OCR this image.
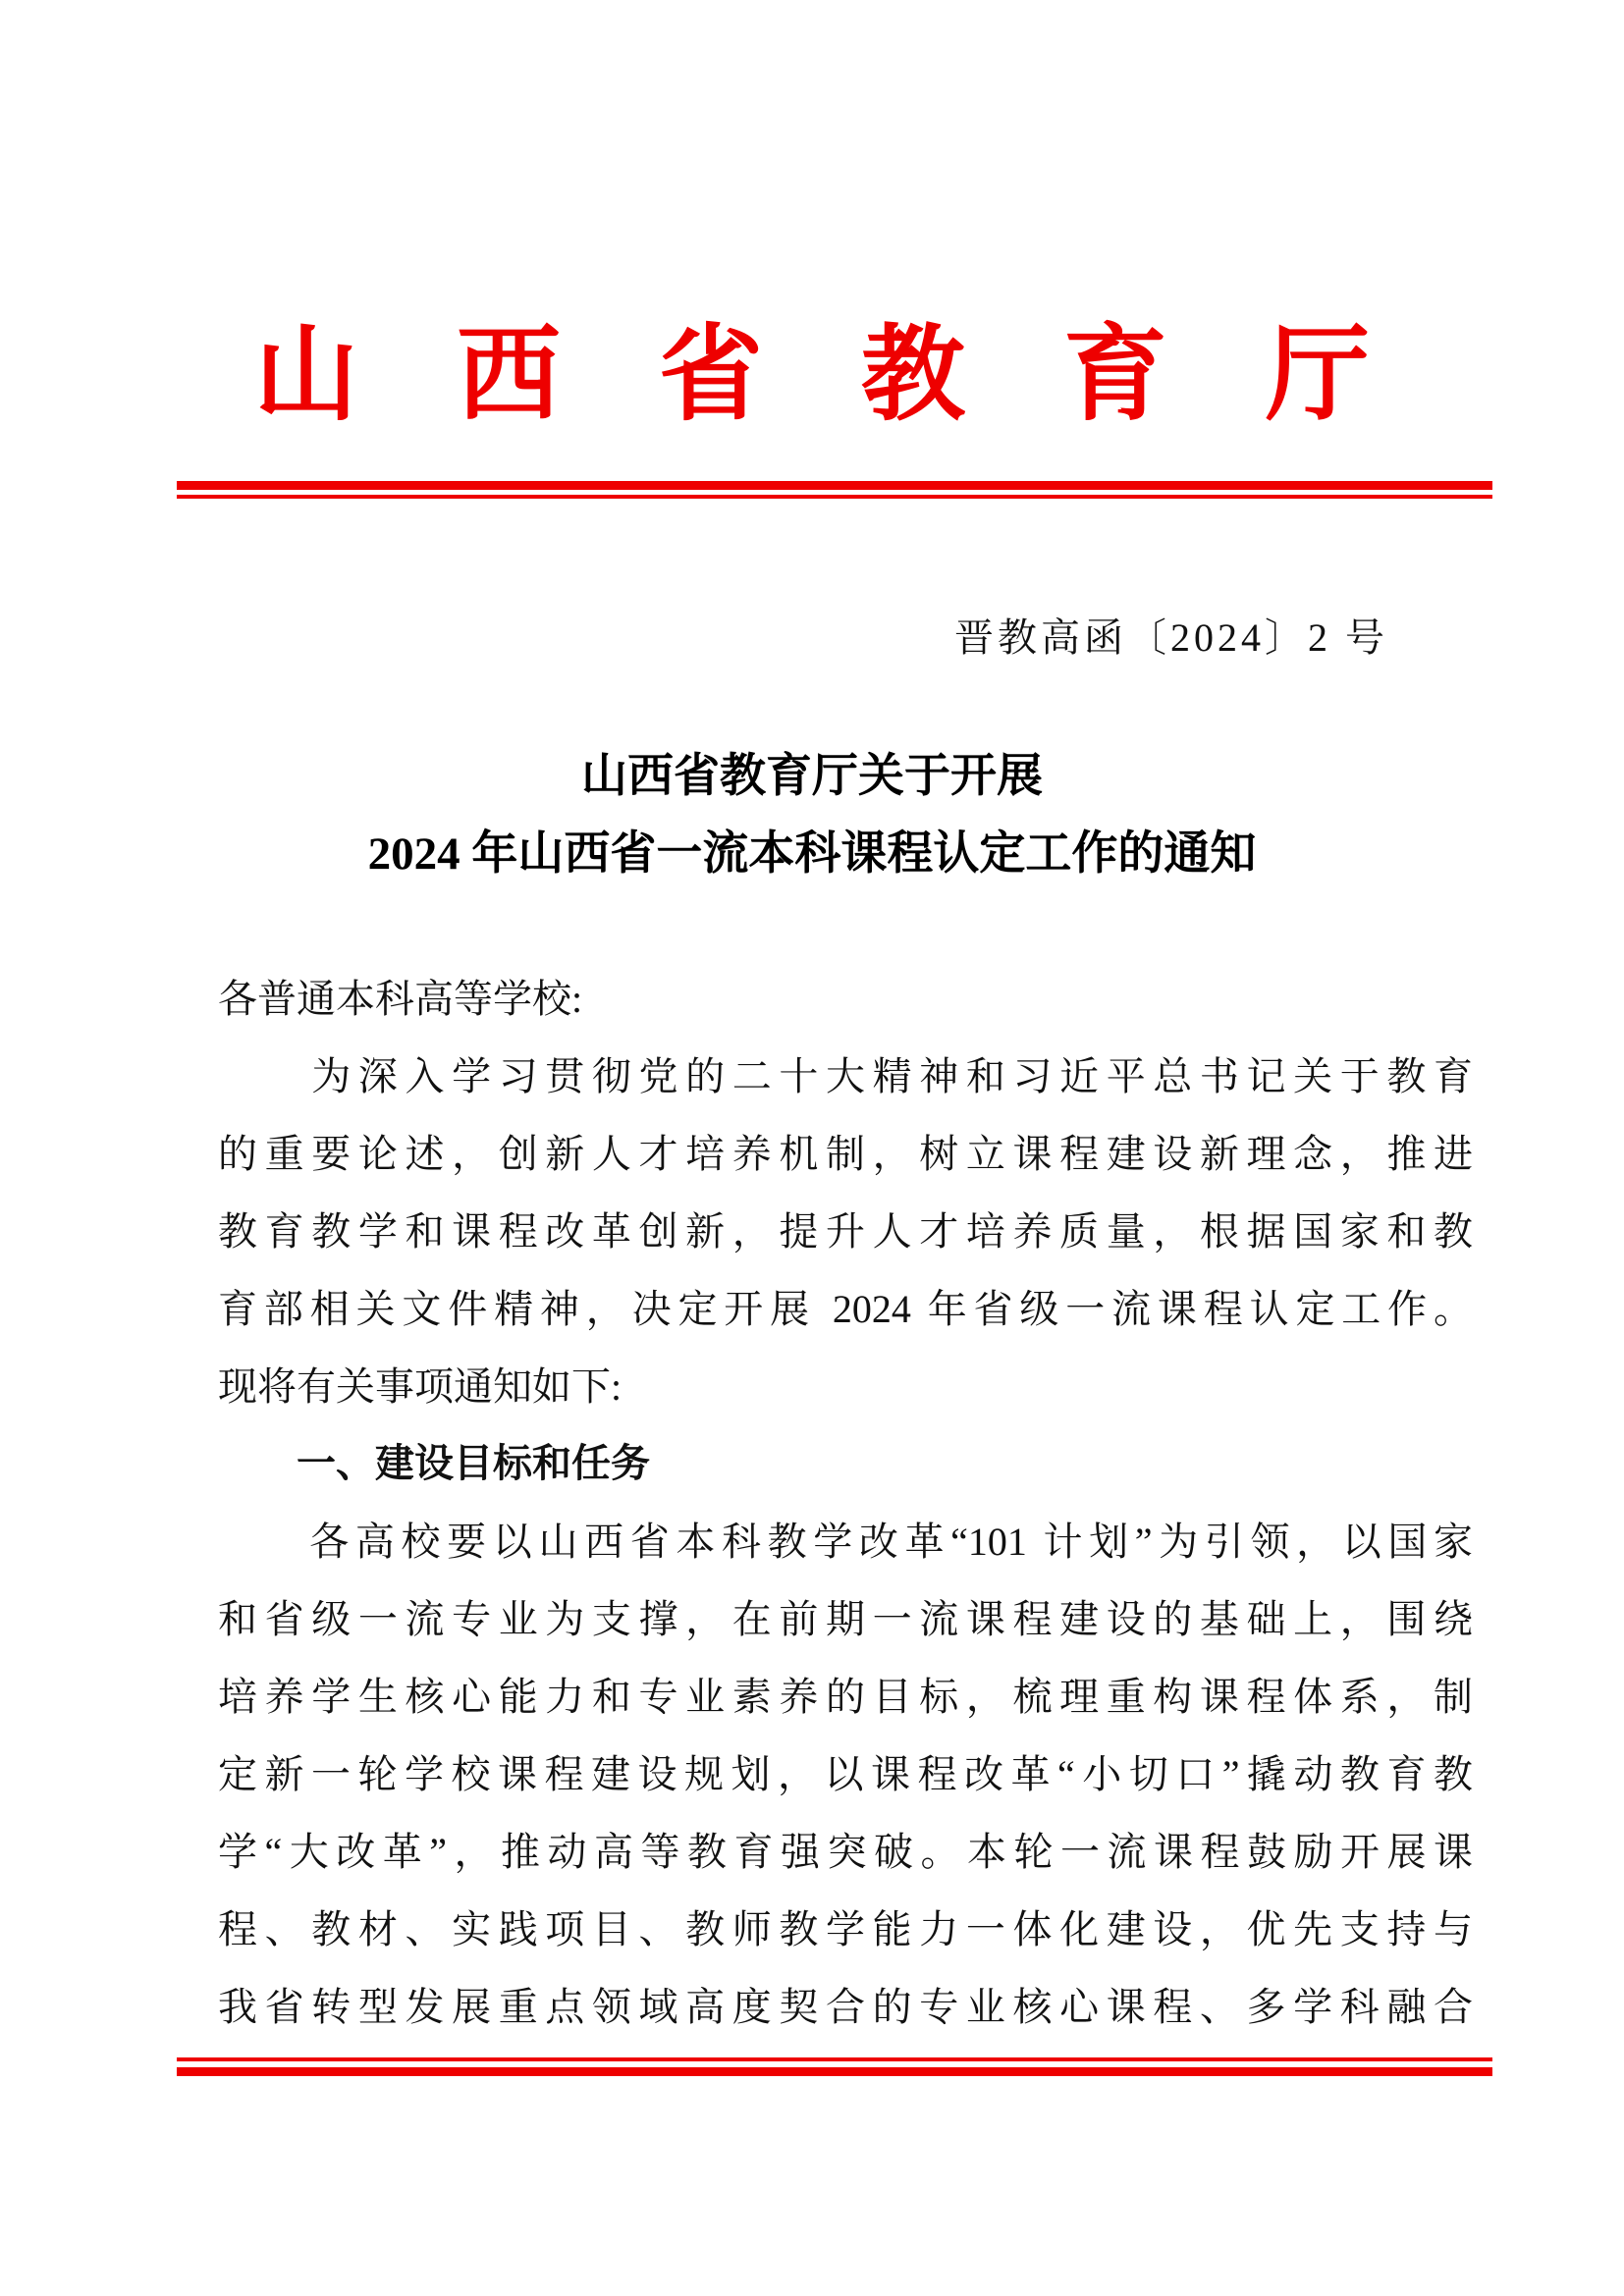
山西省教育厅
晋教高函〔2024〕2 号
山西省教育厅关于开展
2024 年山西省一流本科课程认定工作的通知
各普通本科高等学校:
　　为深入学习贯彻党的二十大精神和习近平总书记关于教育
的重要论述，创新人才培养机制，树立课程建设新理念，推进
教育教学和课程改革创新，提升人才培养质量，根据国家和教
育部相关文件精神，决定开展 2024 年省级一流课程认定工作。
现将有关事项通知如下:
一、建设目标和任务
　　各高校要以山西省本科教学改革“101 计划”为引领，以国家
和省级一流专业为支撑，在前期一流课程建设的基础上，围绕
培养学生核心能力和专业素养的目标，梳理重构课程体系，制
定新一轮学校课程建设规划，以课程改革“小切口”撬动教育教
学“大改革”，推动高等教育强突破。本轮一流课程鼓励开展课
程、教材、实践项目、教师教学能力一体化建设，优先支持与
我省转型发展重点领域高度契合的专业核心课程、多学科融合
